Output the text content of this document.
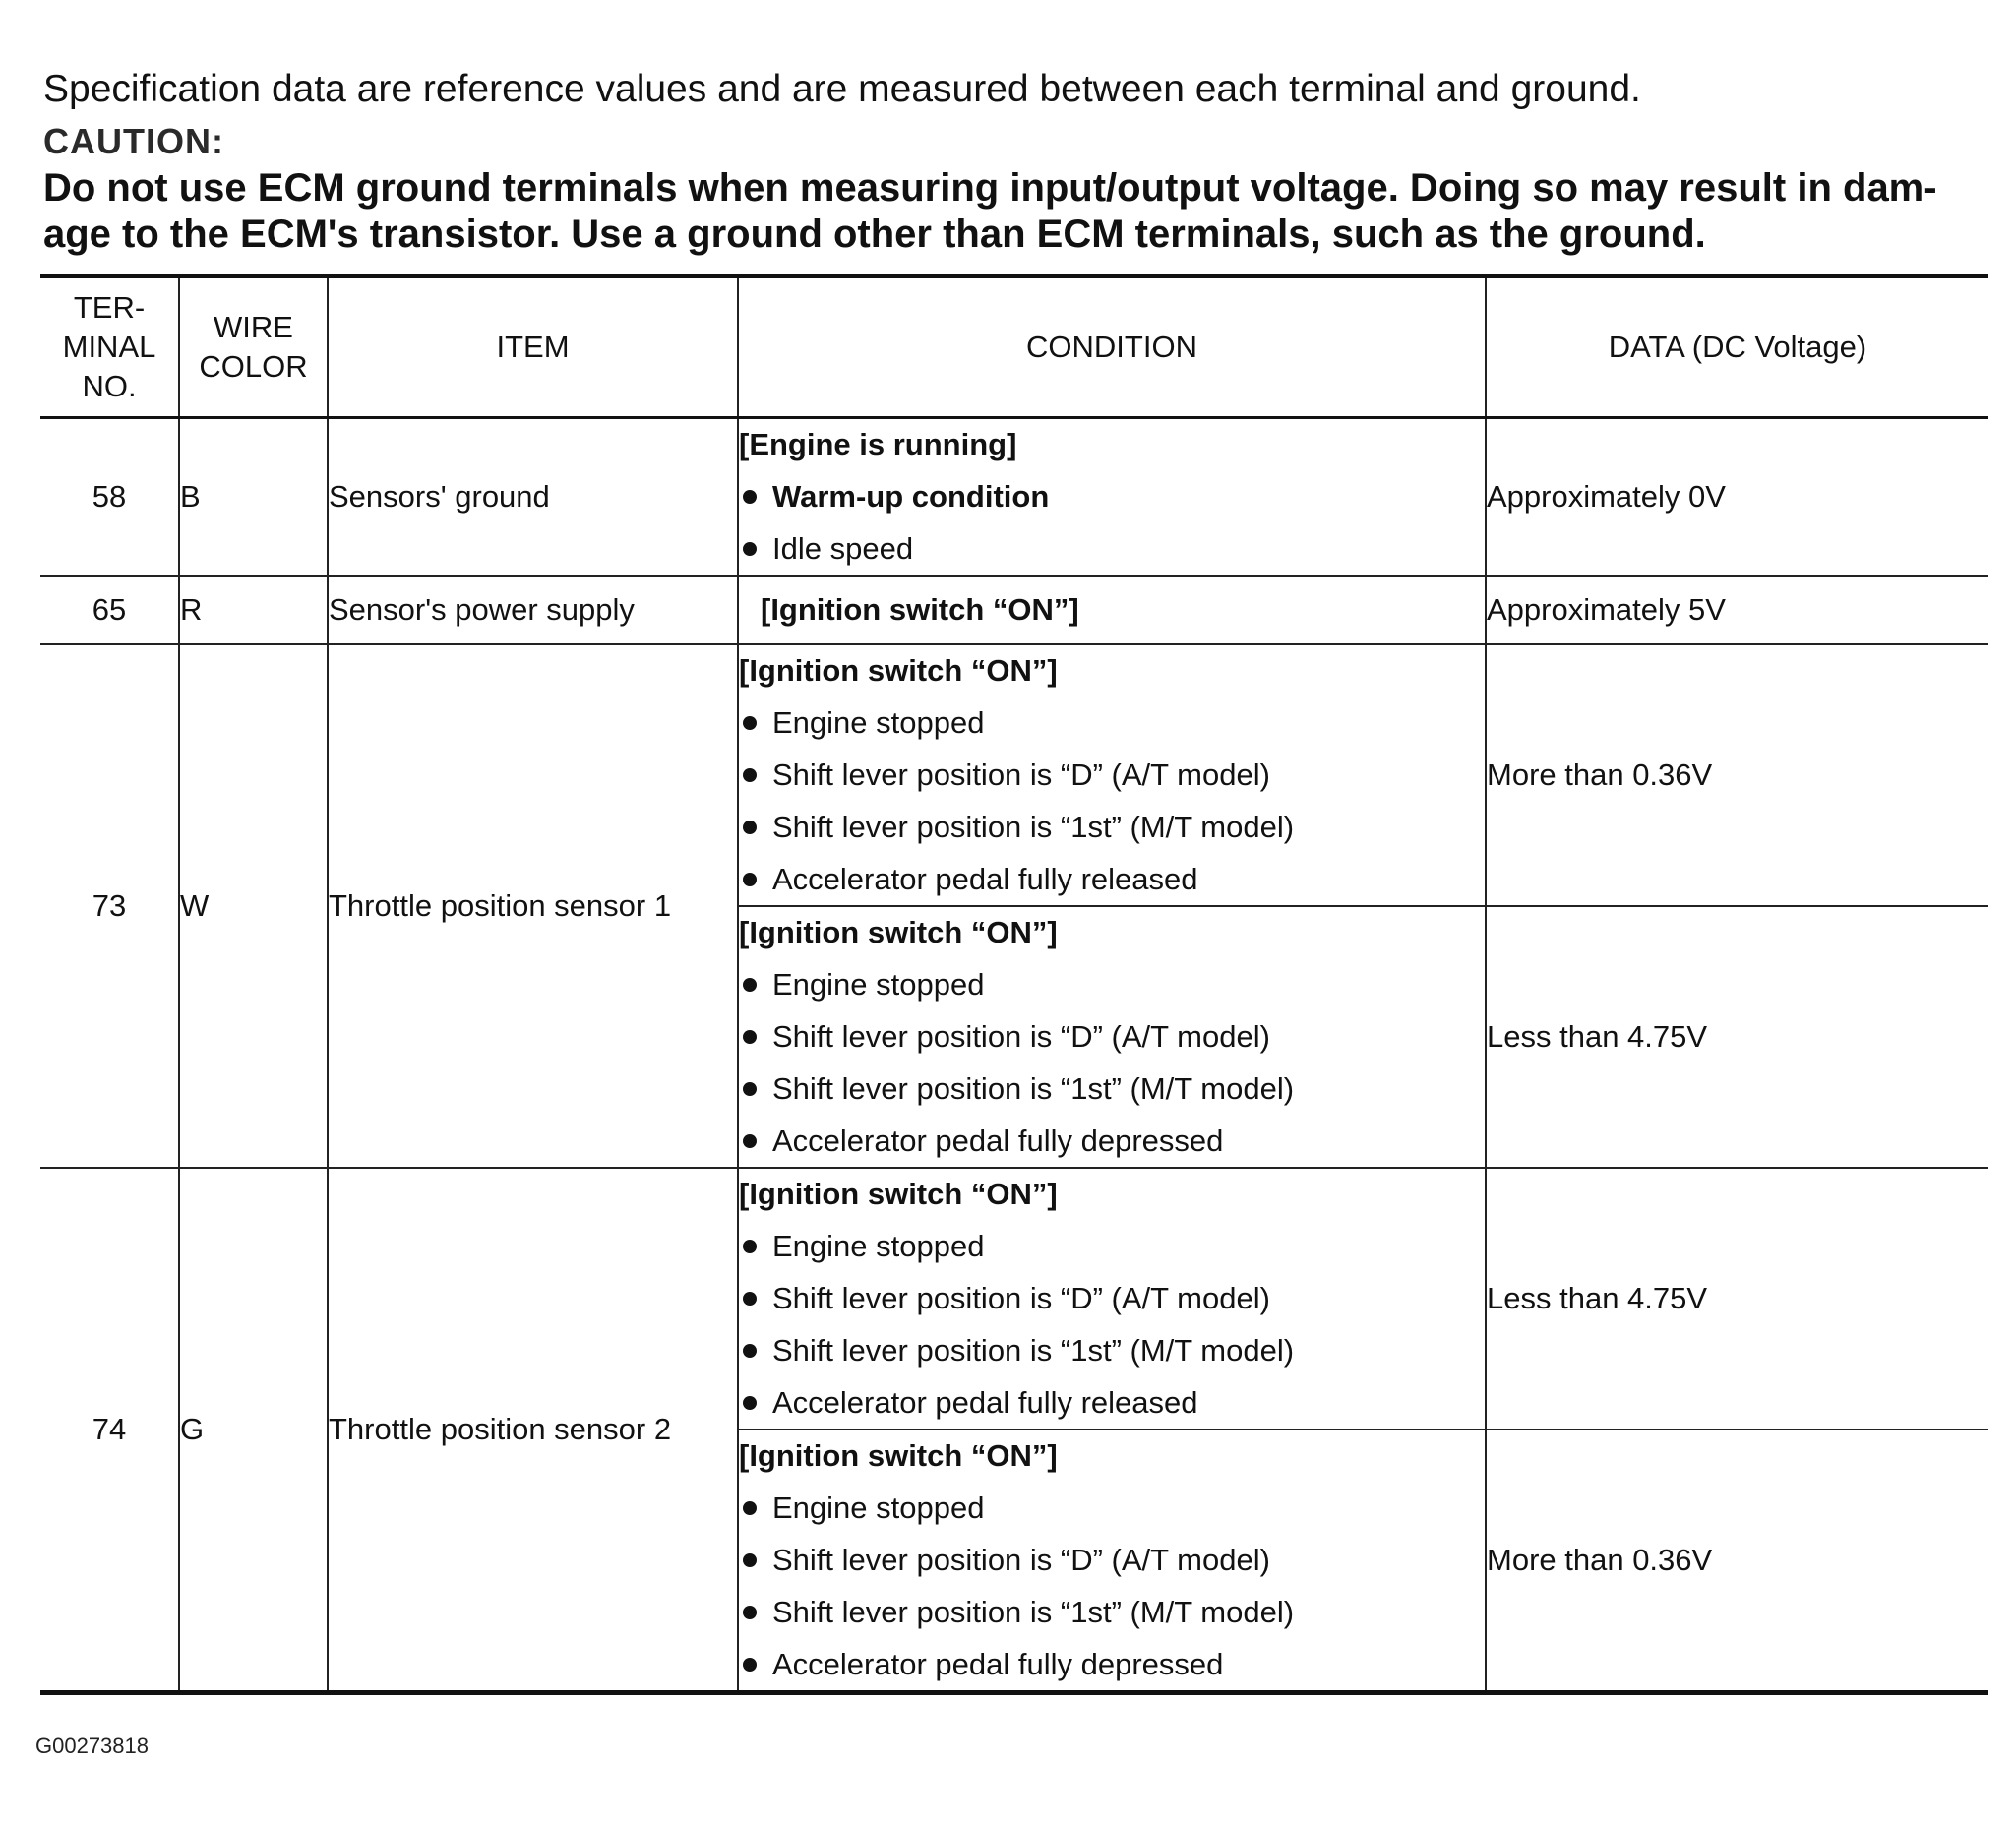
Specification data are reference values and are measured between each terminal and ground.
CAUTION:
Do not use ECM ground terminals when measuring input/output voltage. Doing so may result in dam-
age to the ECM's transistor. Use a ground other than ECM terminals, such as the ground.
TER-
MINAL
NO.	WIRE
COLOR	ITEM	CONDITION	DATA (DC Voltage)
58	B	Sensors' ground	[Engine is running]
Warm-up condition
Idle speed	Approximately 0V
65	R	Sensor's power supply	[Ignition switch “ON”]	Approximately 5V
73	W	Throttle position sensor 1	[Ignition switch “ON”]
Engine stopped
Shift lever position is “D” (A/T model)
Shift lever position is “1st” (M/T model)
Accelerator pedal fully released	More than 0.36V

			[Ignition switch “ON”]
Engine stopped
Shift lever position is “D” (A/T model)
Shift lever position is “1st” (M/T model)
Accelerator pedal fully depressed	Less than 4.75V
74	G	Throttle position sensor 2	[Ignition switch “ON”]
Engine stopped
Shift lever position is “D” (A/T model)
Shift lever position is “1st” (M/T model)
Accelerator pedal fully released	Less than 4.75V

			[Ignition switch “ON”]
Engine stopped
Shift lever position is “D” (A/T model)
Shift lever position is “1st” (M/T model)
Accelerator pedal fully depressed	More than 0.36V
G00273818
